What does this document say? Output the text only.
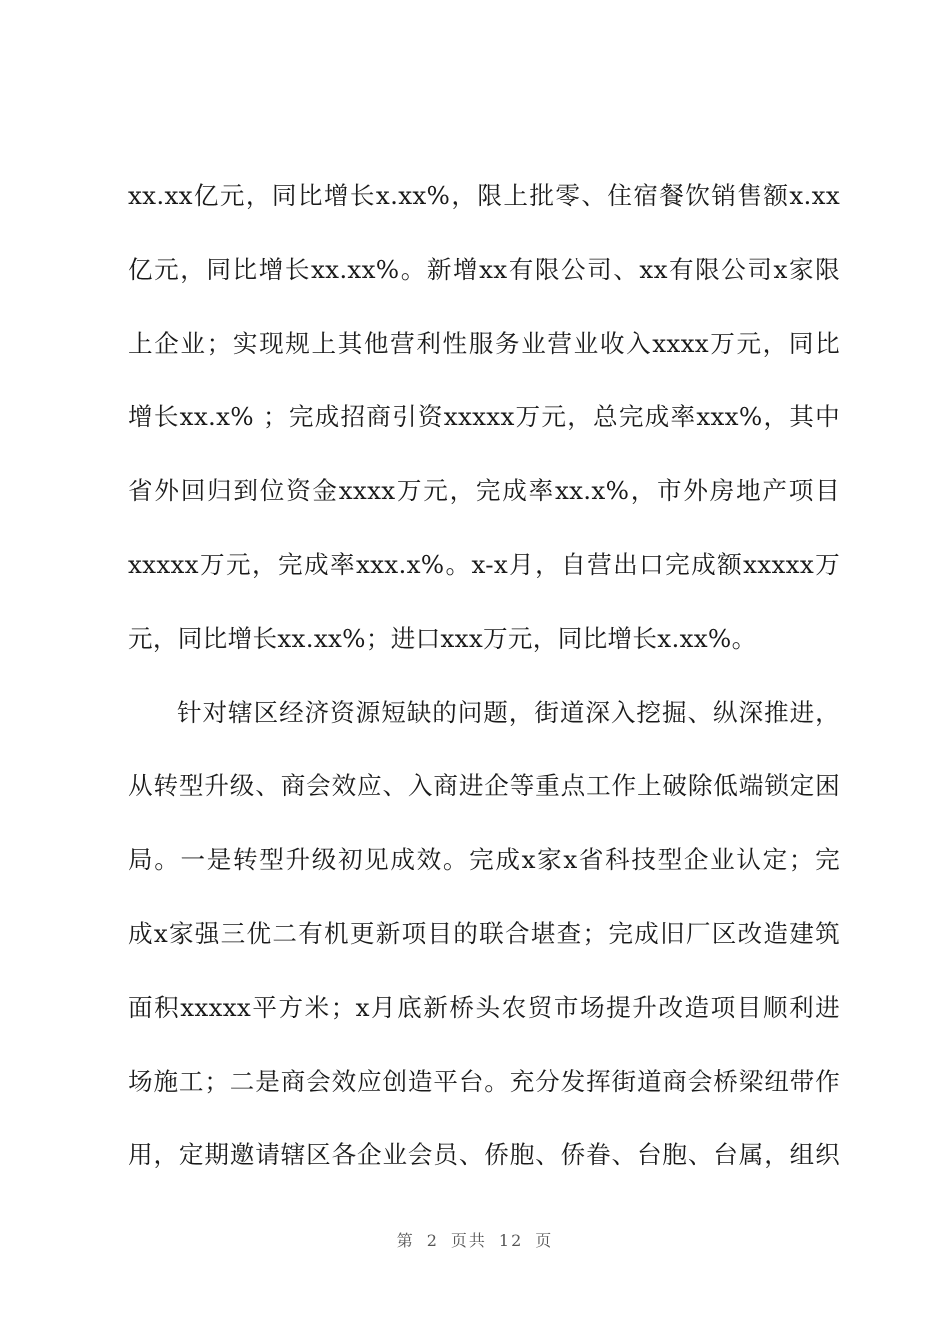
xx.xx亿元，同比增长x.xx%，限上批零、住宿餐饮销售额x.xx
亿元，同比增长xx.xx%。新增xx有限公司、xx有限公司x家限
上企业；实现规上其他营利性服务业营业收入xxxx万元，同比
增长xx.x% ；完成招商引资xxxxx万元，总完成率xxx%，其中
省外回归到位资金xxxx万元，完成率xx.x%，市外房地产项目
xxxxx万元，完成率xxx.x%。x-x月，自营出口完成额xxxxx万
元，同比增长xx.xx%；进口xxx万元，同比增长x.xx%。
针对辖区经济资源短缺的问题，街道深入挖掘、纵深推进，
从转型升级、商会效应、入商进企等重点工作上破除低端锁定困
局。一是转型升级初见成效。完成x家x省科技型企业认定；完
成x家强三优二有机更新项目的联合堪查；完成旧厂区改造建筑
面积xxxxx平方米；x月底新桥头农贸市场提升改造项目顺利进
场施工；二是商会效应创造平台。充分发挥街道商会桥梁纽带作
用，定期邀请辖区各企业会员、侨胞、侨眷、台胞、台属，组织
第 2 页共 12 页
